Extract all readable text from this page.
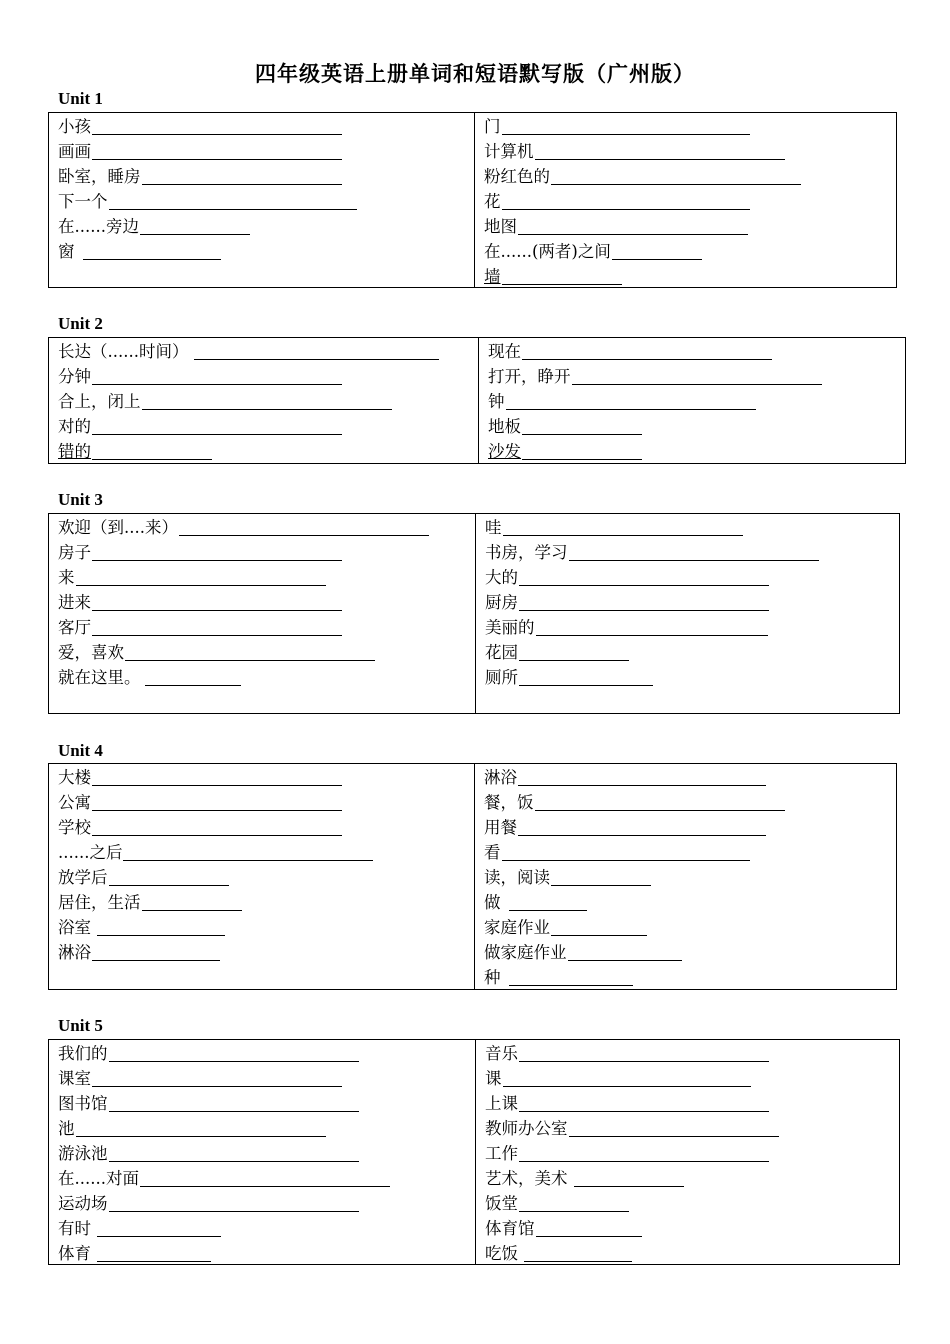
四年级英语上册单词和短语默写版（广州版）
Unit 1
小孩
画画
卧室，睡房
下一个
在......旁边
窗
门
计算机
粉红色的
花
地图
在......(两者)之间
墙
Unit 2
长达（......时间）
分钟
合上，闭上
对的
错的
现在
打开，睁开
钟
地板
沙发
Unit 3
欢迎（到....来）
房子
来
进来
客厅
爱，喜欢
就在这里。
哇
书房，学习
大的
厨房
美丽的
花园
厕所
Unit 4
大楼
公寓
学校
......之后
放学后
居住，生活
浴室
淋浴
淋浴
餐，饭
用餐
看
读，阅读
做
家庭作业
做家庭作业
种
Unit 5
我们的
课室
图书馆
池
游泳池
在......对面
运动场
有时
体育
音乐
课
上课
教师办公室
工作
艺术，美术
饭堂
体育馆
吃饭
